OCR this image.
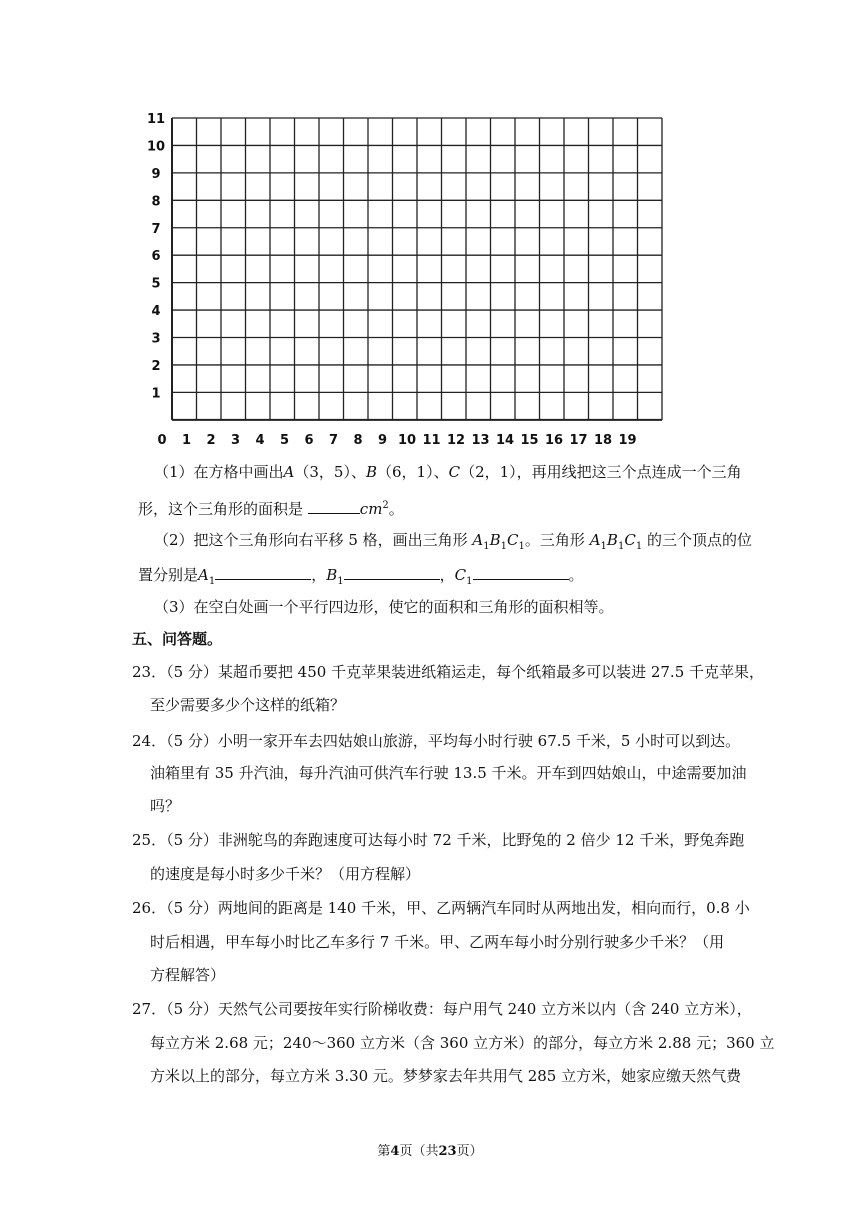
0 1 2 3 4 5 6 7 8 9 10 11 12 13 14 15 16 17 18 19
1
2
3
4
5
6
7
8
9
10
11
（1）在方格中画出A（3，5）、B（6，1）、C（2，1），再用线把这三个点连成一个三角
形，这个三角形的面积是	$cm^2$。
（2）把这个三角形向右平移 5 格，画出三角形 $A_1B_1C_1$。三角形 $A_1B_1C_1$ 的三个顶点的位
置分别是$A_1$	，$B_1$	，$C_1$	。
（3）在空白处画一个平行四边形，使它的面积和三角形的面积相等。
五、问答题。
23．（5 分）某超币要把 450 千克苹果装进纸箱运走，每个纸箱最多可以装进 27.5 千克苹果，
至少需要多少个这样的纸箱？
24．（5 分）小明一家开车去四姑娘山旅游，平均每小时行驶 67.5 千米，5 小时可以到达。
油箱里有 35 升汽油，每升汽油可供汽车行驶 13.5 千米。开车到四姑娘山，中途需要加油
吗？
25．（5 分）非洲鸵鸟的奔跑速度可达每小时 72 千米，比野兔的 2 倍少 12 千米，野兔奔跑
的速度是每小时多少千米？（用方程解）
26．（5 分）两地间的距离是 140 千米，甲、乙两辆汽车同时从两地出发，相向而行，0.8 小
时后相遇，甲车每小时比乙车多行 7 千米。甲、乙两车每小时分别行驶多少千米？（用
方程解答）
27．（5 分）天然气公司要按年实行阶梯收费：每户用气 240 立方米以内（含 240 立方米），
每立方米 2.68 元；240～360 立方米（含 360 立方米）的部分，每立方米 2.88 元；360 立
方米以上的部分，每立方米 3.30 元。梦梦家去年共用气 285 立方米，她家应缴天然气费
第4页（共23页）
